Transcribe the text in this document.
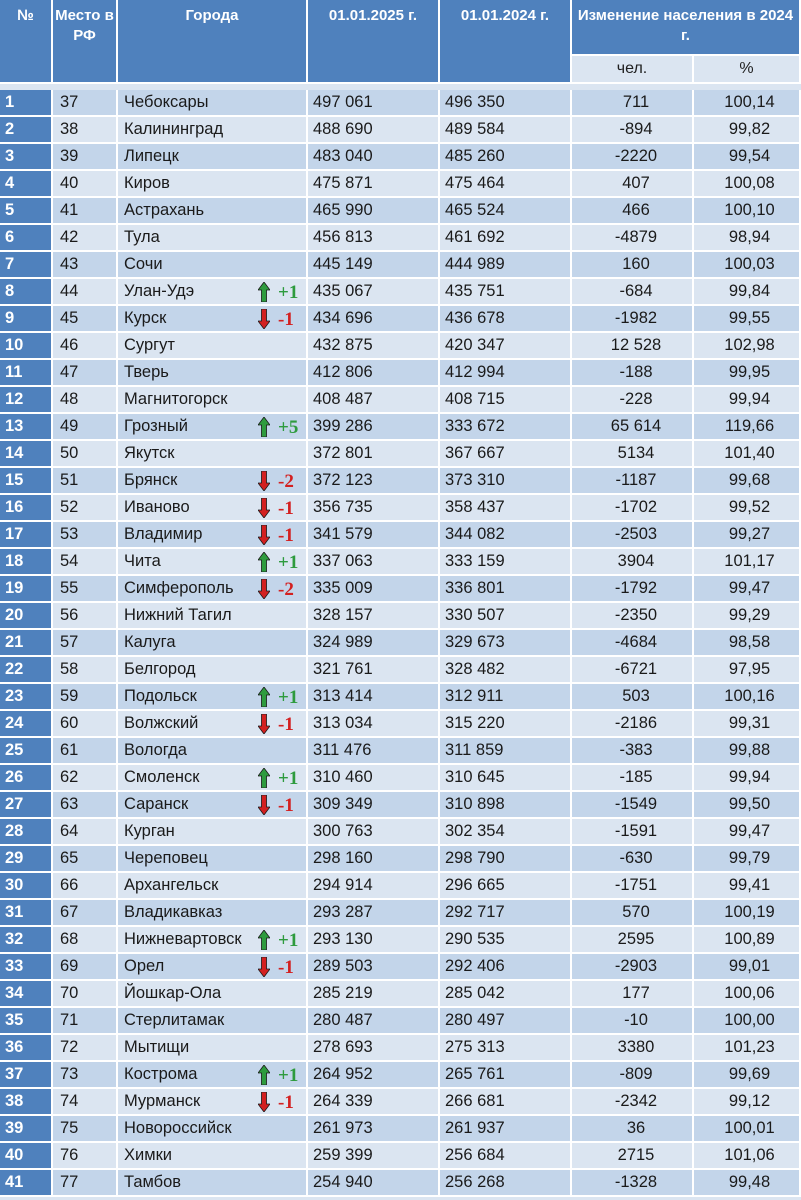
№	Место в РФ	Города	01.01.2025 г.	01.01.2024 г.	Изменение населения в 2024 г.	
					чел.	%

1	37	Чебоксары	497 061	496 350	711	100,14
2	38	Калининград	488 690	489 584	-894	99,82
3	39	Липецк	483 040	485 260	-2220	99,54
4	40	Киров	475 871	475 464	407	100,08
5	41	Астрахань	465 990	465 524	466	100,10
6	42	Тула	456 813	461 692	-4879	98,94
7	43	Сочи	445 149	444 989	160	100,03
8	44	Улан-Удэ +1	435 067	435 751	-684	99,84
9	45	Курск -1	434 696	436 678	-1982	99,55
10	46	Сургут	432 875	420 347	12 528	102,98
11	47	Тверь	412 806	412 994	-188	99,95
12	48	Магнитогорск	408 487	408 715	-228	99,94
13	49	Грозный +5	399 286	333 672	65 614	119,66
14	50	Якутск	372 801	367 667	5134	101,40
15	51	Брянск -2	372 123	373 310	-1187	99,68
16	52	Иваново -1	356 735	358 437	-1702	99,52
17	53	Владимир -1	341 579	344 082	-2503	99,27
18	54	Чита +1	337 063	333 159	3904	101,17
19	55	Симферополь -2	335 009	336 801	-1792	99,47
20	56	Нижний Тагил	328 157	330 507	-2350	99,29
21	57	Калуга	324 989	329 673	-4684	98,58
22	58	Белгород	321 761	328 482	-6721	97,95
23	59	Подольск +1	313 414	312 911	503	100,16
24	60	Волжский -1	313 034	315 220	-2186	99,31
25	61	Вологда	311 476	311 859	-383	99,88
26	62	Смоленск +1	310 460	310 645	-185	99,94
27	63	Саранск -1	309 349	310 898	-1549	99,50
28	64	Курган	300 763	302 354	-1591	99,47
29	65	Череповец	298 160	298 790	-630	99,79
30	66	Архангельск	294 914	296 665	-1751	99,41
31	67	Владикавказ	293 287	292 717	570	100,19
32	68	Нижневартовск +1	293 130	290 535	2595	100,89
33	69	Орел -1	289 503	292 406	-2903	99,01
34	70	Йошкар-Ола	285 219	285 042	177	100,06
35	71	Стерлитамак	280 487	280 497	-10	100,00
36	72	Мытищи	278 693	275 313	3380	101,23
37	73	Кострома +1	264 952	265 761	-809	99,69
38	74	Мурманск -1	264 339	266 681	-2342	99,12
39	75	Новороссийск	261 973	261 937	36	100,01
40	76	Химки	259 399	256 684	2715	101,06
41	77	Тамбов	254 940	256 268	-1328	99,48
